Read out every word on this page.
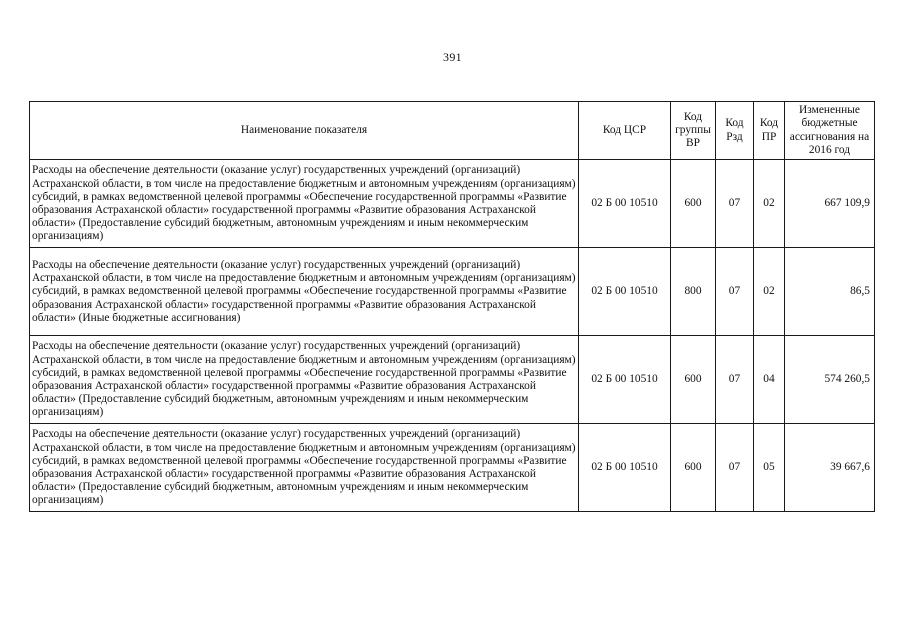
391
Наименование показателя	Код ЦСР	Код группы ВР	Код Рзд	Код ПР	Измененные бюджетные ассигнования на 2016 год
Расходы на обеспечение деятельности (оказание услуг) государственных учреждений (организаций) Астраханской области, в том числе на предоставление бюджетным и автономным учреждениям (организациям) субсидий, в рамках ведомственной целевой программы «Обеспечение государственной программы «Развитие образования Астраханской области» государственной программы «Развитие образования Астраханской области» (Предоставление субсидий бюджетным, автономным учреждениям и иным некоммерческим организациям)	02 Б 00 10510	600	07	02	667 109,9
Расходы на обеспечение деятельности (оказание услуг) государственных учреждений (организаций) Астраханской области, в том числе на предоставление бюджетным и автономным учреждениям (организациям) субсидий, в рамках ведомственной целевой программы «Обеспечение государственной программы «Развитие образования Астраханской области» государственной программы «Развитие образования Астраханской области» (Иные бюджетные ассигнования)	02 Б 00 10510	800	07	02	86,5
Расходы на обеспечение деятельности (оказание услуг) государственных учреждений (организаций) Астраханской области, в том числе на предоставление бюджетным и автономным учреждениям (организациям) субсидий, в рамках ведомственной целевой программы «Обеспечение государственной программы «Развитие образования Астраханской области» государственной программы «Развитие образования Астраханской области» (Предоставление субсидий бюджетным, автономным учреждениям и иным некоммерческим организациям)	02 Б 00 10510	600	07	04	574 260,5
Расходы на обеспечение деятельности (оказание услуг) государственных учреждений (организаций) Астраханской области, в том числе на предоставление бюджетным и автономным учреждениям (организациям) субсидий, в рамках ведомственной целевой программы «Обеспечение государственной программы «Развитие образования Астраханской области» государственной программы «Развитие образования Астраханской области» (Предоставление субсидий бюджетным, автономным учреждениям и иным некоммерческим организациям)	02 Б 00 10510	600	07	05	39 667,6
